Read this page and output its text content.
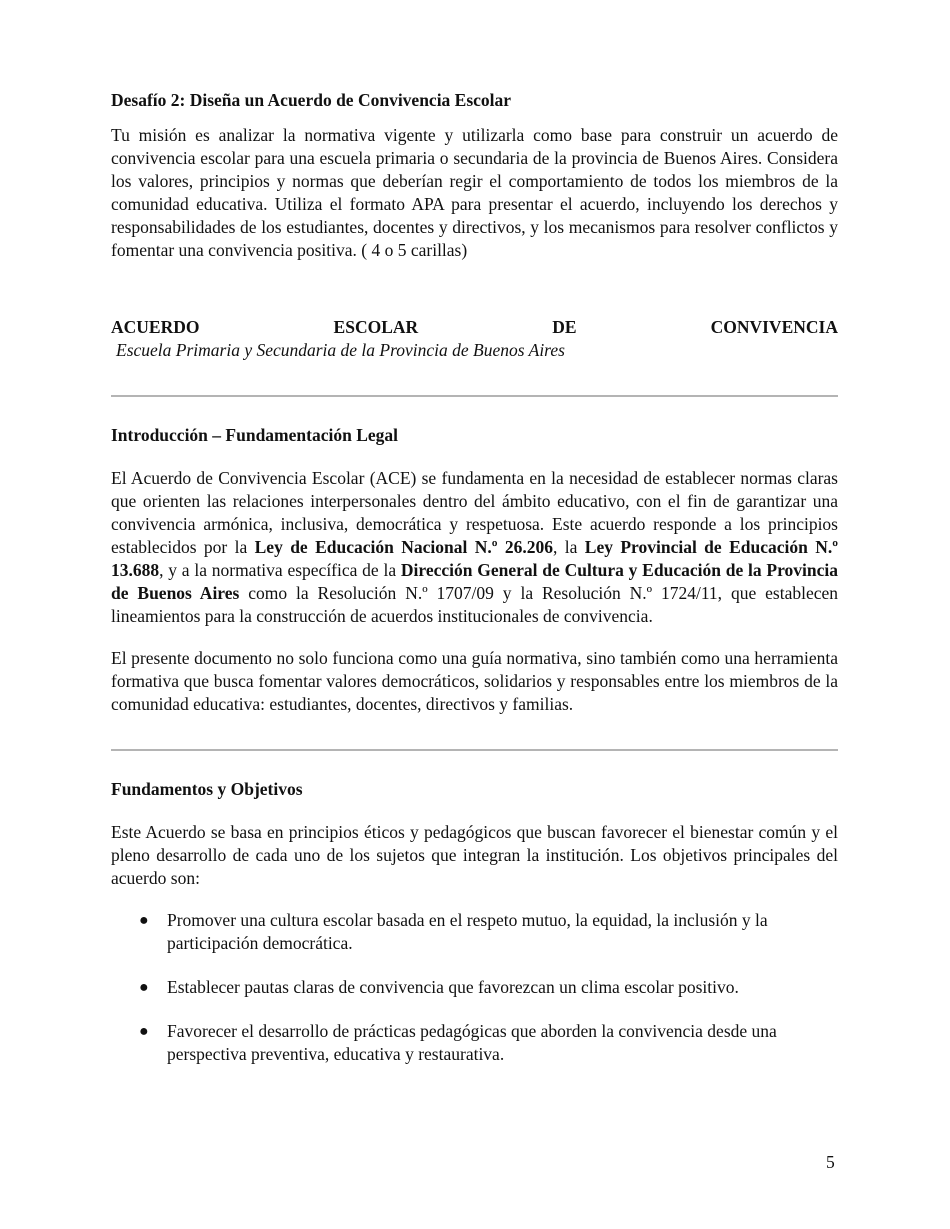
Desafío 2: Diseña un Acuerdo de Convivencia Escolar

Tu misión es analizar la normativa vigente y utilizarla como base para construir un acuerdo de convivencia escolar para una escuela primaria o secundaria de la provincia de Buenos Aires. Considera los valores, principios y normas que deberían regir el comportamiento de todos los miembros de la comunidad educativa. Utiliza el formato APA para presentar el acuerdo, incluyendo los derechos y responsabilidades de los estudiantes, docentes y directivos, y los mecanismos para resolver conflictos y fomentar una convivencia positiva. ( 4 o 5 carillas)

ACUERDO	ESCOLAR	DE	CONVIVENCIA
Escuela Primaria y Secundaria de la Provincia de Buenos Aires
Introducción – Fundamentación Legal

El Acuerdo de Convivencia Escolar (ACE) se fundamenta en la necesidad de establecer normas claras que orienten las relaciones interpersonales dentro del ámbito educativo, con el fin de garantizar una convivencia armónica, inclusiva, democrática y respetuosa. Este acuerdo responde a los principios establecidos por la Ley de Educación Nacional N.º 26.206, la Ley Provincial de Educación N.º 13.688, y a la normativa específica de la Dirección General de Cultura y Educación de la Provincia de Buenos Aires como la Resolución N.º 1707/09 y la Resolución N.º 1724/11, que establecen lineamientos para la construcción de acuerdos institucionales de convivencia.

El presente documento no solo funciona como una guía normativa, sino también como una herramienta formativa que busca fomentar valores democráticos, solidarios y responsables entre los miembros de la comunidad educativa: estudiantes, docentes, directivos y familias.

Fundamentos y Objetivos

Este Acuerdo se basa en principios éticos y pedagógicos que buscan favorecer el bienestar común y el pleno desarrollo de cada uno de los sujetos que integran la institución. Los objetivos principales del acuerdo son:

● Promover una cultura escolar basada en el respeto mutuo, la equidad, la inclusión y la participación democrática.
● Establecer pautas claras de convivencia que favorezcan un clima escolar positivo.
● Favorecer el desarrollo de prácticas pedagógicas que aborden la convivencia desde una perspectiva preventiva, educativa y restaurativa.
5
